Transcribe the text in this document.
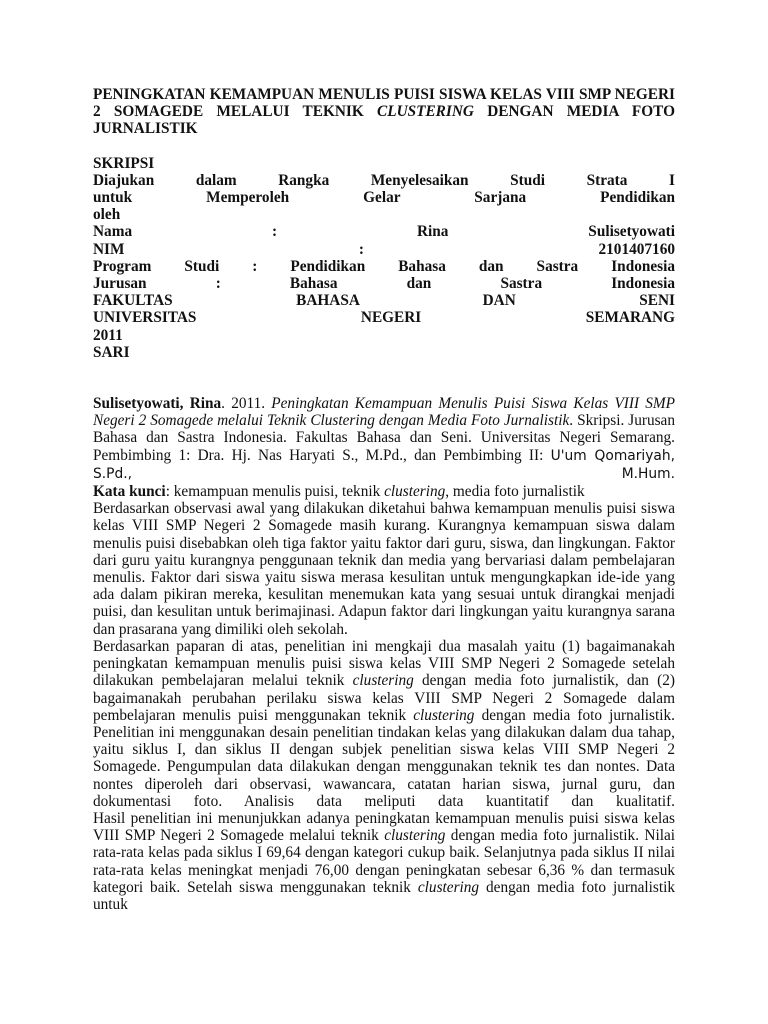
PENINGKATAN KEMAMPUAN MENULIS PUISI SISWA KELAS VIII SMP NEGERI 2 SOMAGEDE MELALUI TEKNIK CLUSTERING DENGAN MEDIA FOTO JURNALISTIK

SKRIPSI
Diajukan dalam Rangka Menyelesaikan Studi Strata I
untuk Memperoleh Gelar Sarjana Pendidikan
oleh
Nama : Rina Sulisetyowati
NIM : 2101407160
Program Studi : Pendidikan Bahasa dan Sastra Indonesia
Jurusan : Bahasa dan Sastra Indonesia
FAKULTAS BAHASA DAN SENI
UNIVERSITAS NEGERI SEMARANG
2011
SARI

Sulisetyowati, Rina. 2011. Peningkatan Kemampuan Menulis Puisi Siswa Kelas VIII SMP Negeri 2 Somagede melalui Teknik Clustering dengan Media Foto Jurnalistik. Skripsi. Jurusan Bahasa dan Sastra Indonesia. Fakultas Bahasa dan Seni. Universitas Negeri Semarang. Pembimbing 1: Dra. Hj. Nas Haryati S., M.Pd., dan Pembimbing II: U'um Qomariyah, S.Pd., M.Hum.

Kata kunci: kemampuan menulis puisi, teknik clustering, media foto jurnalistik

Berdasarkan observasi awal yang dilakukan diketahui bahwa kemampuan menulis puisi siswa kelas VIII SMP Negeri 2 Somagede masih kurang. Kurangnya kemampuan siswa dalam menulis puisi disebabkan oleh tiga faktor yaitu faktor dari guru, siswa, dan lingkungan. Faktor dari guru yaitu kurangnya penggunaan teknik dan media yang bervariasi dalam pembelajaran menulis. Faktor dari siswa yaitu siswa merasa kesulitan untuk mengungkapkan ide-ide yang ada dalam pikiran mereka, kesulitan menemukan kata yang sesuai untuk dirangkai menjadi puisi, dan kesulitan untuk berimajinasi. Adapun faktor dari lingkungan yaitu kurangnya sarana dan prasarana yang dimiliki oleh sekolah.

Berdasarkan paparan di atas, penelitian ini mengkaji dua masalah yaitu (1) bagaimanakah peningkatan kemampuan menulis puisi siswa kelas VIII SMP Negeri 2 Somagede setelah dilakukan pembelajaran melalui teknik clustering dengan media foto jurnalistik, dan (2) bagaimanakah perubahan perilaku siswa kelas VIII SMP Negeri 2 Somagede dalam pembelajaran menulis puisi menggunakan teknik clustering dengan media foto jurnalistik.

Penelitian ini menggunakan desain penelitian tindakan kelas yang dilakukan dalam dua tahap, yaitu siklus I, dan siklus II dengan subjek penelitian siswa kelas VIII SMP Negeri 2 Somagede. Pengumpulan data dilakukan dengan menggunakan teknik tes dan nontes. Data nontes diperoleh dari observasi, wawancara, catatan harian siswa, jurnal guru, dan dokumentasi foto. Analisis data meliputi data kuantitatif dan kualitatif.

Hasil penelitian ini menunjukkan adanya peningkatan kemampuan menulis puisi siswa kelas VIII SMP Negeri 2 Somagede melalui teknik clustering dengan media foto jurnalistik. Nilai rata-rata kelas pada siklus I 69,64 dengan kategori cukup baik. Selanjutnya pada siklus II nilai rata-rata kelas meningkat menjadi 76,00 dengan peningkatan sebesar 6,36 % dan termasuk kategori baik. Setelah siswa menggunakan teknik clustering dengan media foto jurnalistik untuk
